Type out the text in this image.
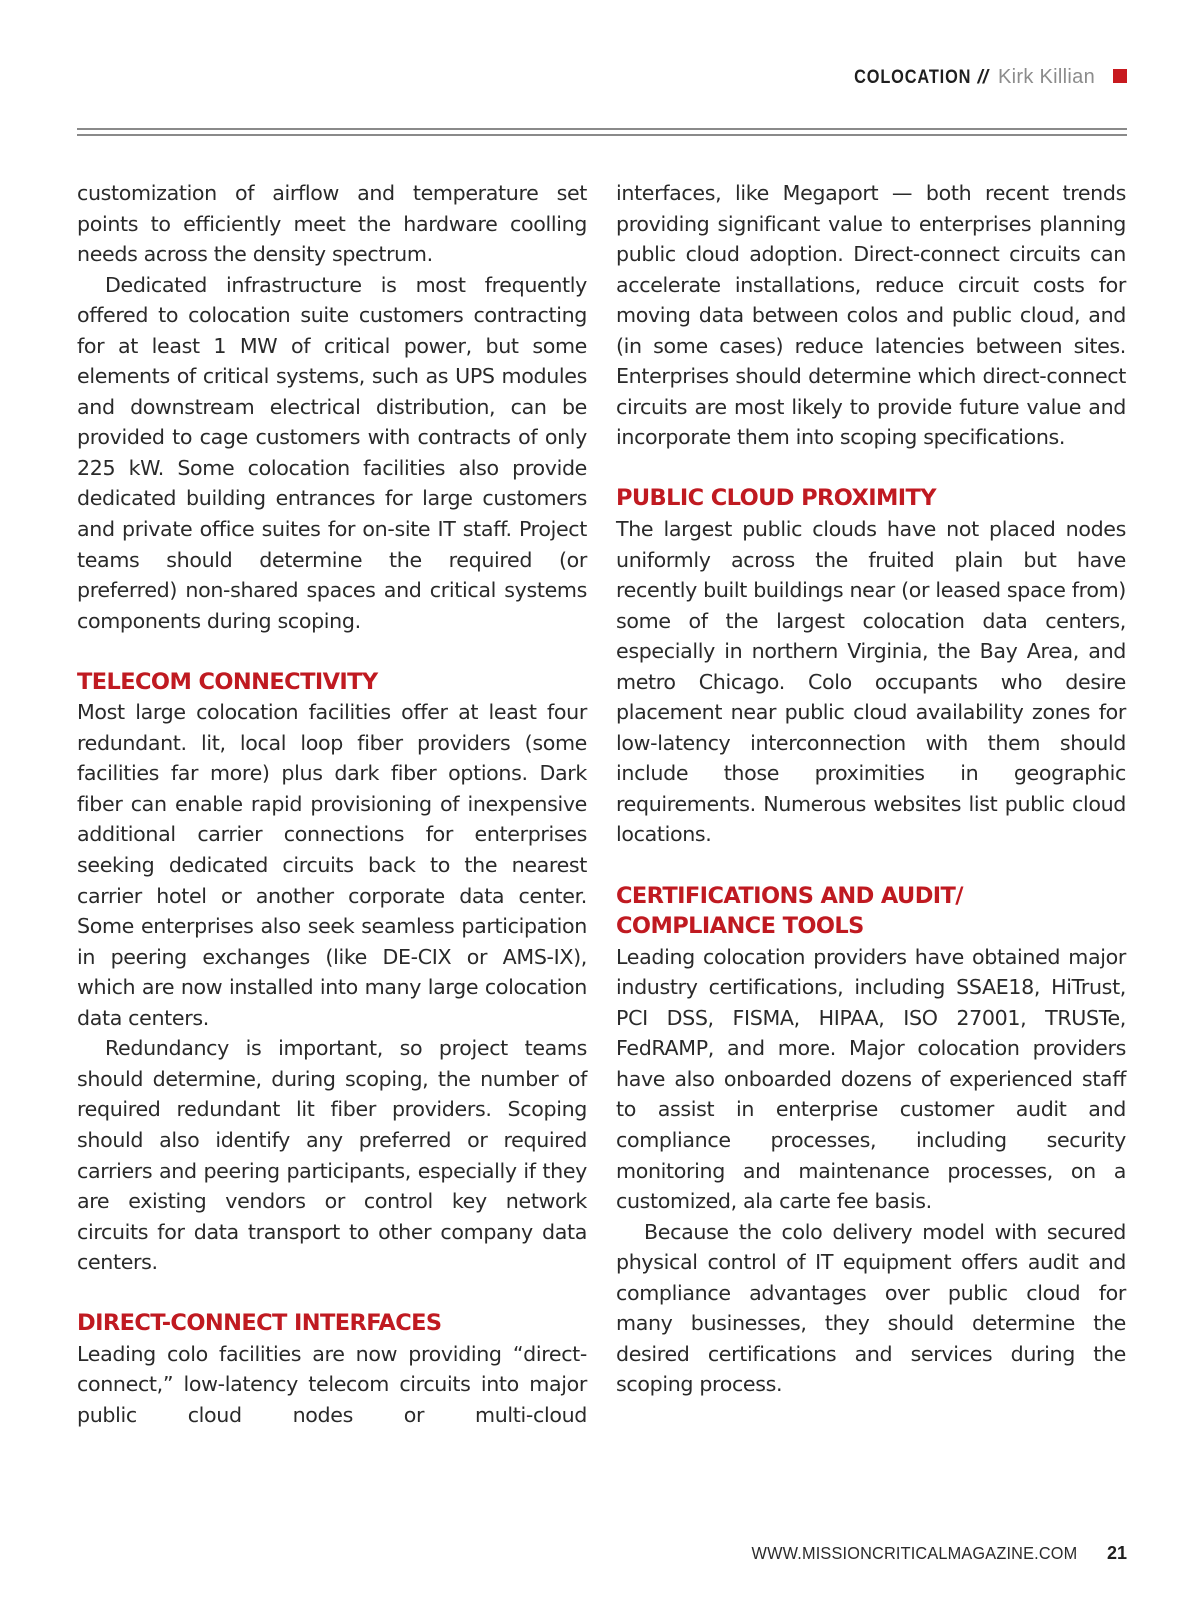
COLOCATION // Kirk Killian

customization of airflow and temperature set points to efficiently meet the hardware coolling needs across the density spectrum.

Dedicated infrastructure is most frequently offered to colocation suite customers contracting for at least 1 MW of critical power, but some elements of critical systems, such as UPS modules and downstream electrical distribution, can be provided to cage customers with contracts of only 225 kW. Some colocation facilities also provide dedicated building entrances for large customers and private office suites for on-site IT staff. Project teams should determine the required (or preferred) non-shared spaces and critical systems components during scoping.

TELECOM CONNECTIVITY

Most large colocation facilities offer at least four redundant. lit, local loop fiber providers (some facilities far more) plus dark fiber options. Dark fiber can enable rapid provisioning of inexpensive additional carrier connections for enterprises seeking dedicated circuits back to the nearest carrier hotel or another corporate data center. Some enterprises also seek seamless participation in peering exchanges (like DE-CIX or AMS-IX), which are now installed into many large colocation data centers.

Redundancy is important, so project teams should determine, during scoping, the number of required redundant lit fiber providers. Scoping should also identify any preferred or required carriers and peering participants, especially if they are existing vendors or control key network circuits for data transport to other company data centers.

DIRECT-CONNECT INTERFACES

Leading colo facilities are now providing “direct-connect,” low-latency telecom circuits into major public cloud nodes or multi-cloud

interfaces, like Megaport — both recent trends providing significant value to enterprises planning public cloud adoption. Direct-connect circuits can accelerate installations, reduce circuit costs for moving data between colos and public cloud, and (in some cases) reduce latencies between sites. Enterprises should determine which direct-connect circuits are most likely to provide future value and incorporate them into scoping specifications.

PUBLIC CLOUD PROXIMITY

The largest public clouds have not placed nodes uniformly across the fruited plain but have recently built buildings near (or leased space from) some of the largest colocation data centers, especially in northern Virginia, the Bay Area, and metro Chicago. Colo occupants who desire placement near public cloud availability zones for low-latency interconnection with them should include those proximities in geographic requirements. Numerous websites list public cloud locations.

CERTIFICATIONS AND AUDIT/ COMPLIANCE TOOLS

Leading colocation providers have obtained major industry certifications, including SSAE18, HiTrust, PCI DSS, FISMA, HIPAA, ISO 27001, TRUSTe, FedRAMP, and more. Major colocation providers have also onboarded dozens of experienced staff to assist in enterprise customer audit and compliance processes, including security monitoring and maintenance processes, on a customized, ala carte fee basis.

Because the colo delivery model with secured physical control of IT equipment offers audit and compliance advantages over public cloud for many businesses, they should determine the desired certifications and services during the scoping process.

WWW.MISSIONCRITICALMAGAZINE.COM 21
